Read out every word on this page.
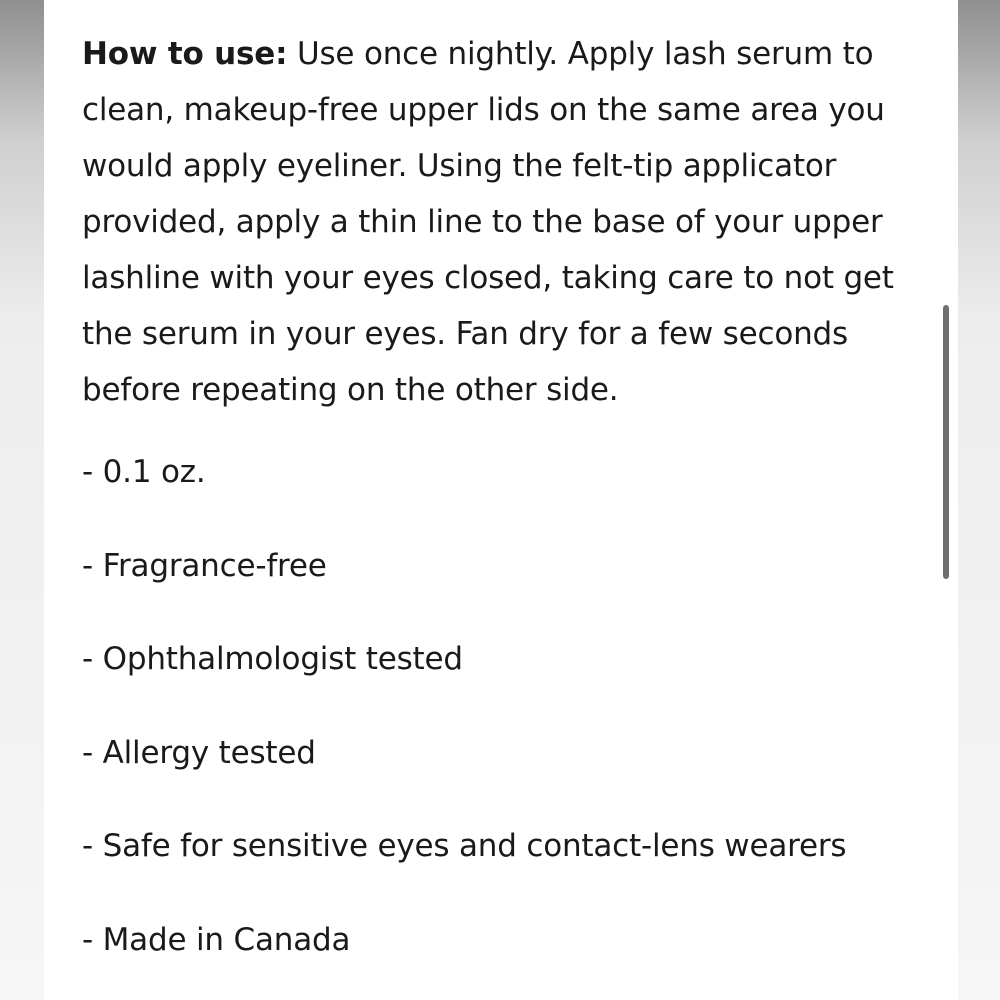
How to use: Use once nightly. Apply lash serum to clean, makeup-free upper lids on the same area you would apply eyeliner. Using the felt-tip applicator provided, apply a thin line to the base of your upper lashline with your eyes closed, taking care to not get the serum in your eyes. Fan dry for a few seconds before repeating on the other side.

- 0.1 oz.
- Fragrance-free
- Ophthalmologist tested
- Allergy tested
- Safe for sensitive eyes and contact-lens wearers
- Made in Canada
